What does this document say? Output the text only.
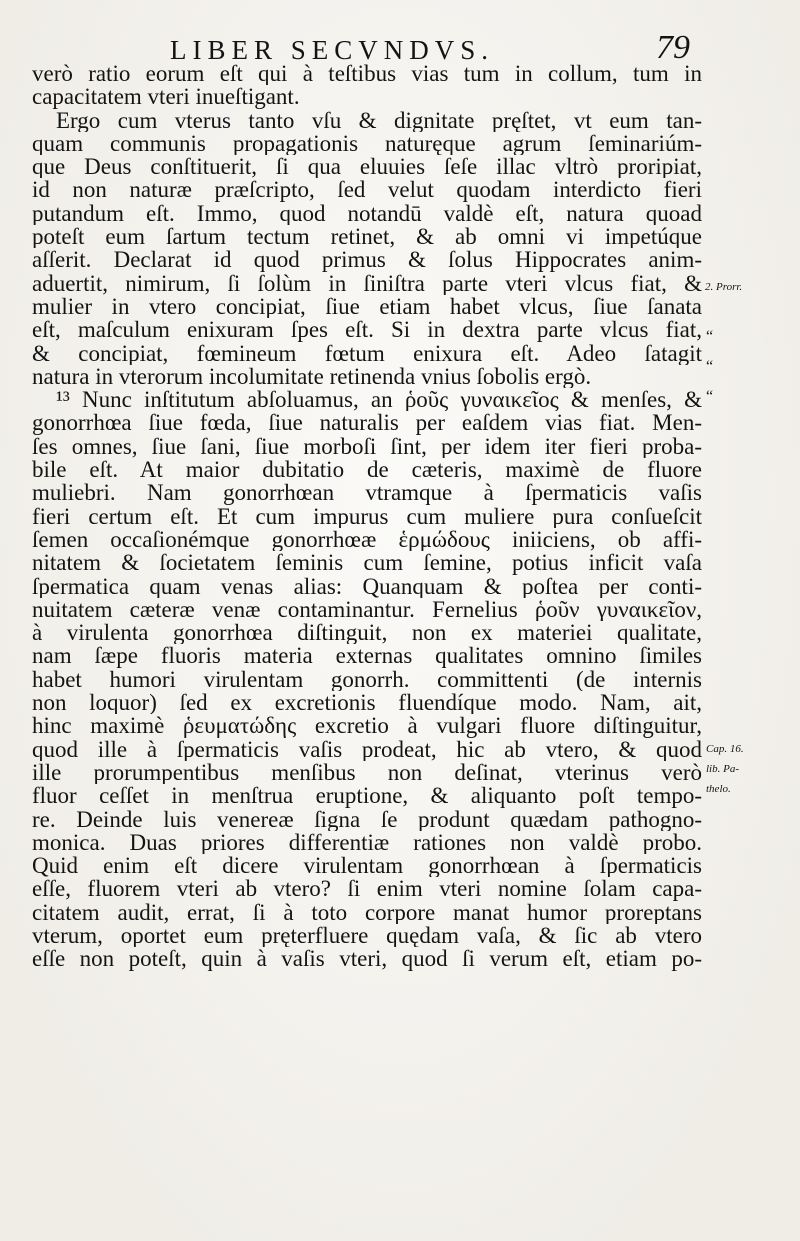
LIBER SECVNDVS.	79
verò ratio eorum eſt qui à teſtibus vias tum in collum, tum in
capacitatem vteri inueſtigant.
Ergo cum vterus tanto vſu & dignitate pręſtet, vt eum tan-
quam communis propagationis naturęque agrum ſeminariúm-
que Deus conſtituerit, ſi qua eluuies ſeſe illac vltrò proripiat,
id non naturæ præſcripto, ſed velut quodam interdicto fieri
putandum eſt. Immo, quod notandū valdè eſt, natura quoad
poteſt eum ſartum tectum retinet, & ab omni vi impetúque
aſſerit. Declarat id quod primus & ſolus Hippocrates anim-
aduertit, nimirum, ſi ſolùm in ſiniſtra parte vteri vlcus fiat, &
mulier in vtero concipiat, ſiue etiam habet vlcus, ſiue ſanata
eſt, maſculum enixuram ſpes eſt. Si in dextra parte vlcus fiat,
& concipiat, fœmineum fœtum enixura eſt. Adeo ſatagit
natura in vterorum incolumitate retinenda vnius ſobolis ergò.
¹³ Nunc inſtitutum abſoluamus, an ῥοῦς γυναικεῖος & menſes, &
gonorrhœa ſiue fœda, ſiue naturalis per eaſdem vias fiat. Men-
ſes omnes, ſiue ſani, ſiue morboſi ſint, per idem iter fieri proba-
bile eſt. At maior dubitatio de cæteris, maximè de fluore
muliebri. Nam gonorrhœan vtramque à ſpermaticis vaſis
fieri certum eſt. Et cum impurus cum muliere pura conſueſcit
ſemen occaſionémque gonorrhœæ ἑρμώδους iniiciens, ob affi-
nitatem & ſocietatem ſeminis cum ſemine, potius inficit vaſa
ſpermatica quam venas alias: Quanquam & poſtea per conti-
nuitatem cæteræ venæ contaminantur. Fernelius ῥοῦν γυναικεῖον,
à virulenta gonorrhœa diſtinguit, non ex materiei qualitate,
nam ſæpe fluoris materia externas qualitates omnino ſimiles
habet humori virulentam gonorrh. committenti (de internis
non loquor) ſed ex excretionis fluendíque modo. Nam, ait,
hinc maximè ῥευματώδης excretio à vulgari fluore diſtinguitur,
quod ille à ſpermaticis vaſis prodeat, hic ab vtero, & quod
ille prorumpentibus menſibus non deſinat, vterinus verò
fluor ceſſet in menſtrua eruptione, & aliquanto poſt tempo-
re. Deinde luis venereæ ſigna ſe produnt quædam pathogno-
monica. Duas priores differentiæ rationes non valdè probo.
Quid enim eſt dicere virulentam gonorrhœan à ſpermaticis
eſſe, fluorem vteri ab vtero? ſi enim vteri nomine ſolam capa-
citatem audit, errat, ſi à toto corpore manat humor proreptans
vterum, oportet eum pręterfluere quędam vaſa, & ſic ab vtero
eſſe non poteſt, quin à vaſis vteri, quod ſi verum eſt, etiam po-
2. Prorr.
“
“
“
Cap. 16.
lib. Pa-
thelo.
